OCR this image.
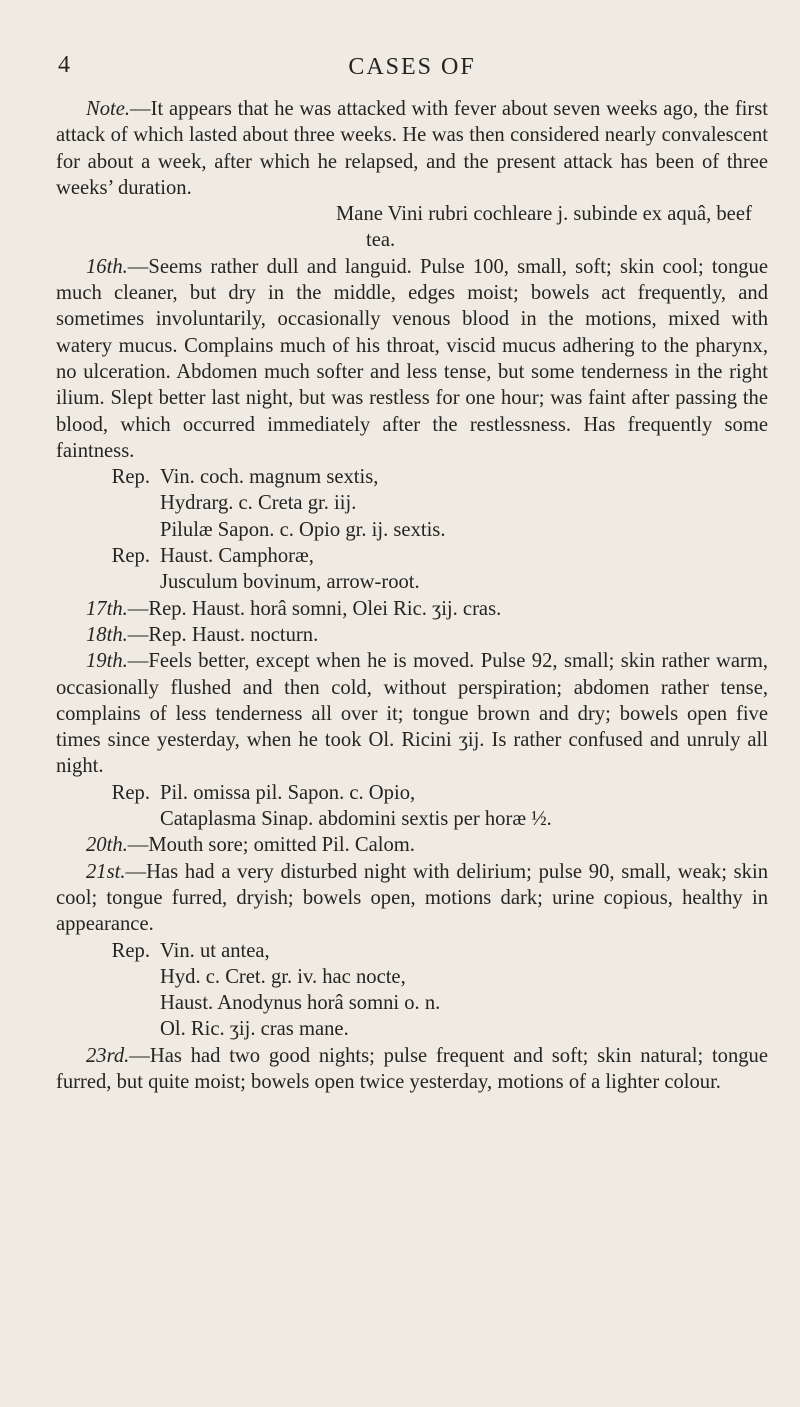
4	CASES OF

Note.—It appears that he was attacked with fever about seven weeks ago, the first attack of which lasted about three weeks. He was then considered nearly convalescent for about a week, after which he relapsed, and the present attack has been of three weeks’ duration.

Mane Vini rubri cochleare j. subinde ex aquâ, beef tea.

16th.—Seems rather dull and languid. Pulse 100, small, soft; skin cool; tongue much cleaner, but dry in the middle, edges moist; bowels act frequently, and sometimes involuntarily, occasionally venous blood in the motions, mixed with watery mucus. Complains much of his throat, viscid mucus adhering to the pharynx, no ulceration. Abdomen much softer and less tense, but some tenderness in the right ilium. Slept better last night, but was restless for one hour; was faint after passing the blood, which occurred immediately after the restlessness. Has frequently some faintness.

Rep. Vin. coch. magnum sextis,
Hydrarg. c. Creta gr. iij.
Pilulæ Sapon. c. Opio gr. ij. sextis.
Rep. Haust. Camphoræ,
Jusculum bovinum, arrow-root.

17th.—Rep. Haust. horâ somni, Olei Ric. ʒij. cras.

18th.—Rep. Haust. nocturn.

19th.—Feels better, except when he is moved. Pulse 92, small; skin rather warm, occasionally flushed and then cold, without perspiration; abdomen rather tense, complains of less tenderness all over it; tongue brown and dry; bowels open five times since yesterday, when he took Ol. Ricini ʒij. Is rather confused and unruly all night.

Rep. Pil. omissa pil. Sapon. c. Opio,
Cataplasma Sinap. abdomini sextis per horæ ½.

20th.—Mouth sore; omitted Pil. Calom.

21st.—Has had a very disturbed night with delirium; pulse 90, small, weak; skin cool; tongue furred, dryish; bowels open, motions dark; urine copious, healthy in appearance.

Rep. Vin. ut antea,
Hyd. c. Cret. gr. iv. hac nocte,
Haust. Anodynus horâ somni o. n.
Ol. Ric. ʒij. cras mane.

23rd.—Has had two good nights; pulse frequent and soft; skin natural; tongue furred, but quite moist; bowels open twice yesterday, motions of a lighter colour.
